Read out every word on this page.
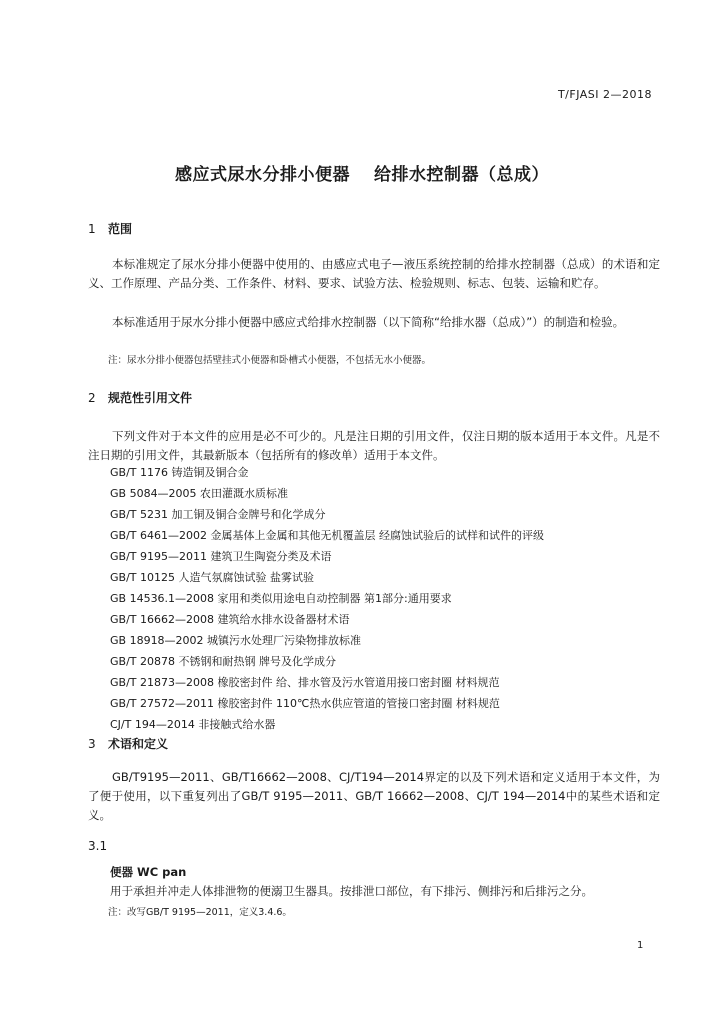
T/FJASI 2—2018
感应式尿水分排小便器 给排水控制器（总成）
1 范围
本标准规定了尿水分排小便器中使用的、由感应式电子—液压系统控制的给排水控制器（总成）的术语和定义、工作原理、产品分类、工作条件、材料、要求、试验方法、检验规则、标志、包装、运输和贮存。
本标准适用于尿水分排小便器中感应式给排水控制器（以下简称“给排水器（总成）”）的制造和检验。
注：尿水分排小便器包括壁挂式小便器和卧槽式小便器，不包括无水小便器。
2 规范性引用文件
下列文件对于本文件的应用是必不可少的。凡是注日期的引用文件，仅注日期的版本适用于本文件。凡是不注日期的引用文件，其最新版本（包括所有的修改单）适用于本文件。
GB/T 1176 铸造铜及铜合金
GB 5084—2005 农田灌溉水质标准
GB/T 5231 加工铜及铜合金牌号和化学成分
GB/T 6461—2002 金属基体上金属和其他无机覆盖层 经腐蚀试验后的试样和试件的评级
GB/T 9195—2011 建筑卫生陶瓷分类及术语
GB/T 10125 人造气氛腐蚀试验 盐雾试验
GB 14536.1—2008 家用和类似用途电自动控制器 第1部分:通用要求
GB/T 16662—2008 建筑给水排水设备器材术语
GB 18918—2002 城镇污水处理厂污染物排放标准
GB/T 20878 不锈钢和耐热钢 牌号及化学成分
GB/T 21873—2008 橡胶密封件 给、排水管及污水管道用接口密封圈 材料规范
GB/T 27572—2011 橡胶密封件 110℃热水供应管道的管接口密封圈 材料规范
CJ/T 194—2014 非接触式给水器
3 术语和定义
GB/T9195—2011、GB/T16662—2008、CJ/T194—2014界定的以及下列术语和定义适用于本文件，为了便于使用，以下重复列出了GB/T 9195—2011、GB/T 16662—2008、CJ/T 194—2014中的某些术语和定义。
3.1
便器 WC pan
用于承担并冲走人体排泄物的便溺卫生器具。按排泄口部位，有下排污、侧排污和后排污之分。
注：改写GB/T 9195—2011，定义3.4.6。
1
